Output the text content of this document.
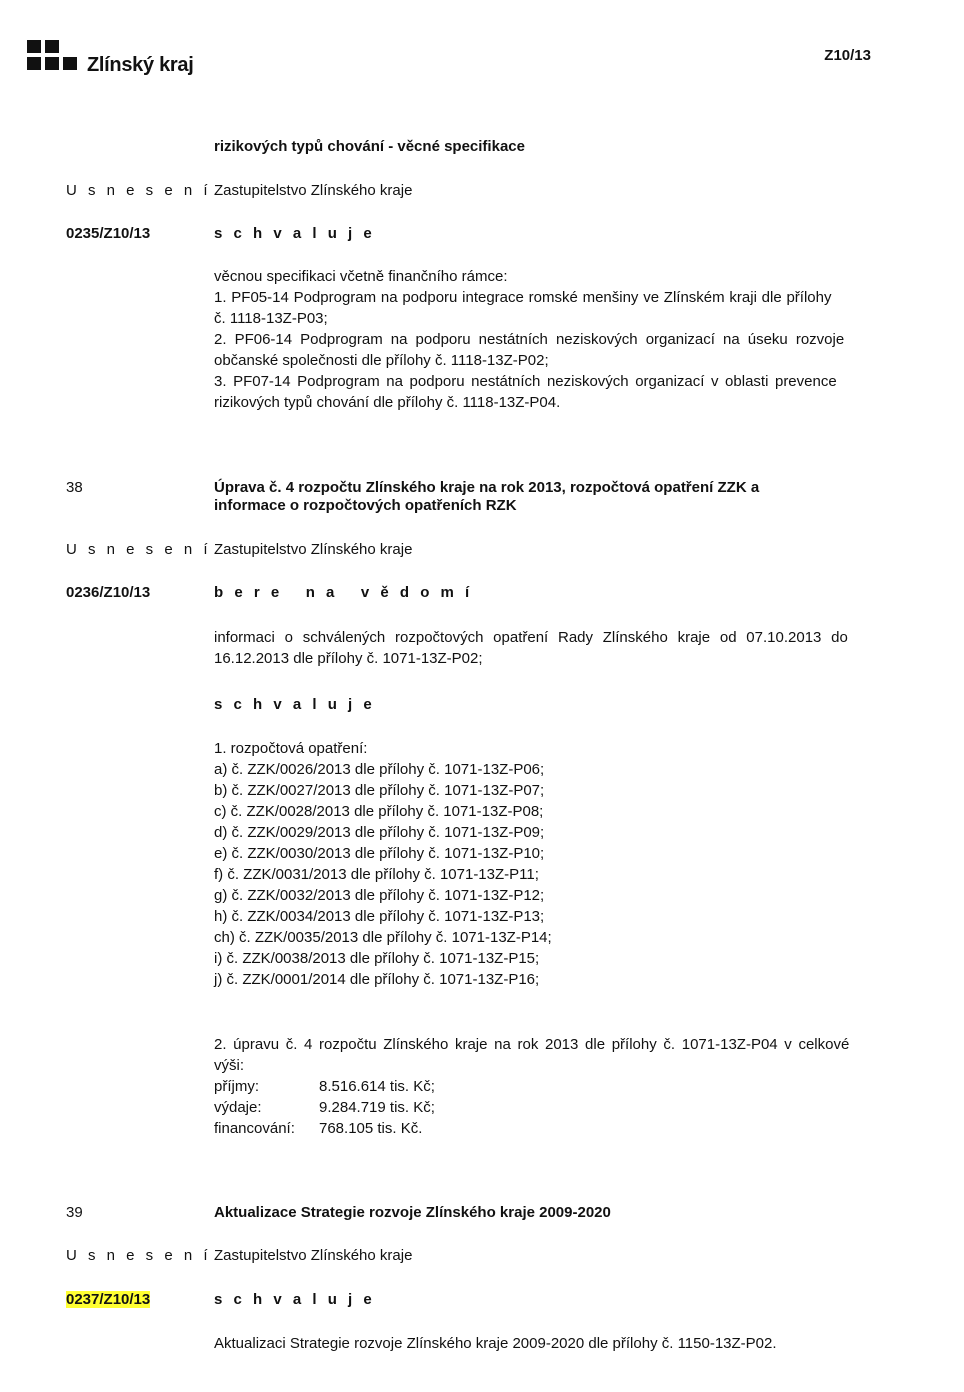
Zlínský kraj	Z10/13
rizikových typů chování - věcné specifikace
U s n e s e n í Zastupitelstvo Zlínského kraje
0235/Z10/13	s c h v a l u j e
věcnou specifikaci včetně finančního rámce:
1. PF05-14 Podprogram na podporu integrace romské menšiny ve Zlínském kraji dle přílohy
č. 1118-13Z-P03;
2. PF06-14 Podprogram na podporu nestátních neziskových organizací na úseku rozvoje
občanské společnosti dle přílohy č. 1118-13Z-P02;
3. PF07-14 Podprogram na podporu nestátních neziskových organizací v oblasti prevence
rizikových typů chování dle přílohy č. 1118-13Z-P04.
38	Úprava č. 4 rozpočtu Zlínského kraje na rok 2013, rozpočtová opatření ZZK a
informace o rozpočtových opatřeních RZK
U s n e s e n í Zastupitelstvo Zlínského kraje
0236/Z10/13	b e r e   n a   v ě d o m í
informaci o schválených rozpočtových opatření Rady Zlínského kraje od 07.10.2013 do
16.12.2013 dle přílohy č. 1071-13Z-P02;
s c h v a l u j e
1. rozpočtová opatření:
a) č. ZZK/0026/2013 dle přílohy č. 1071-13Z-P06;
b) č. ZZK/0027/2013 dle přílohy č. 1071-13Z-P07;
c) č. ZZK/0028/2013 dle přílohy č. 1071-13Z-P08;
d) č. ZZK/0029/2013 dle přílohy č. 1071-13Z-P09;
e) č. ZZK/0030/2013 dle přílohy č. 1071-13Z-P10;
f) č. ZZK/0031/2013 dle přílohy č. 1071-13Z-P11;
g) č. ZZK/0032/2013 dle přílohy č. 1071-13Z-P12;
h) č. ZZK/0034/2013 dle přílohy č. 1071-13Z-P13;
ch) č. ZZK/0035/2013 dle přílohy č. 1071-13Z-P14;
i) č. ZZK/0038/2013 dle přílohy č. 1071-13Z-P15;
j) č. ZZK/0001/2014 dle přílohy č. 1071-13Z-P16;
2. úpravu č. 4 rozpočtu Zlínského kraje na rok 2013 dle přílohy č. 1071-13Z-P04 v celkové
výši:
příjmy:	8.516.614 tis. Kč;
výdaje:	9.284.719 tis. Kč;
financování:	768.105 tis. Kč.
39	Aktualizace Strategie rozvoje Zlínského kraje 2009-2020
U s n e s e n í Zastupitelstvo Zlínského kraje
0237/Z10/13	s c h v a l u j e
Aktualizaci Strategie rozvoje Zlínského kraje 2009-2020 dle přílohy č. 1150-13Z-P02.
